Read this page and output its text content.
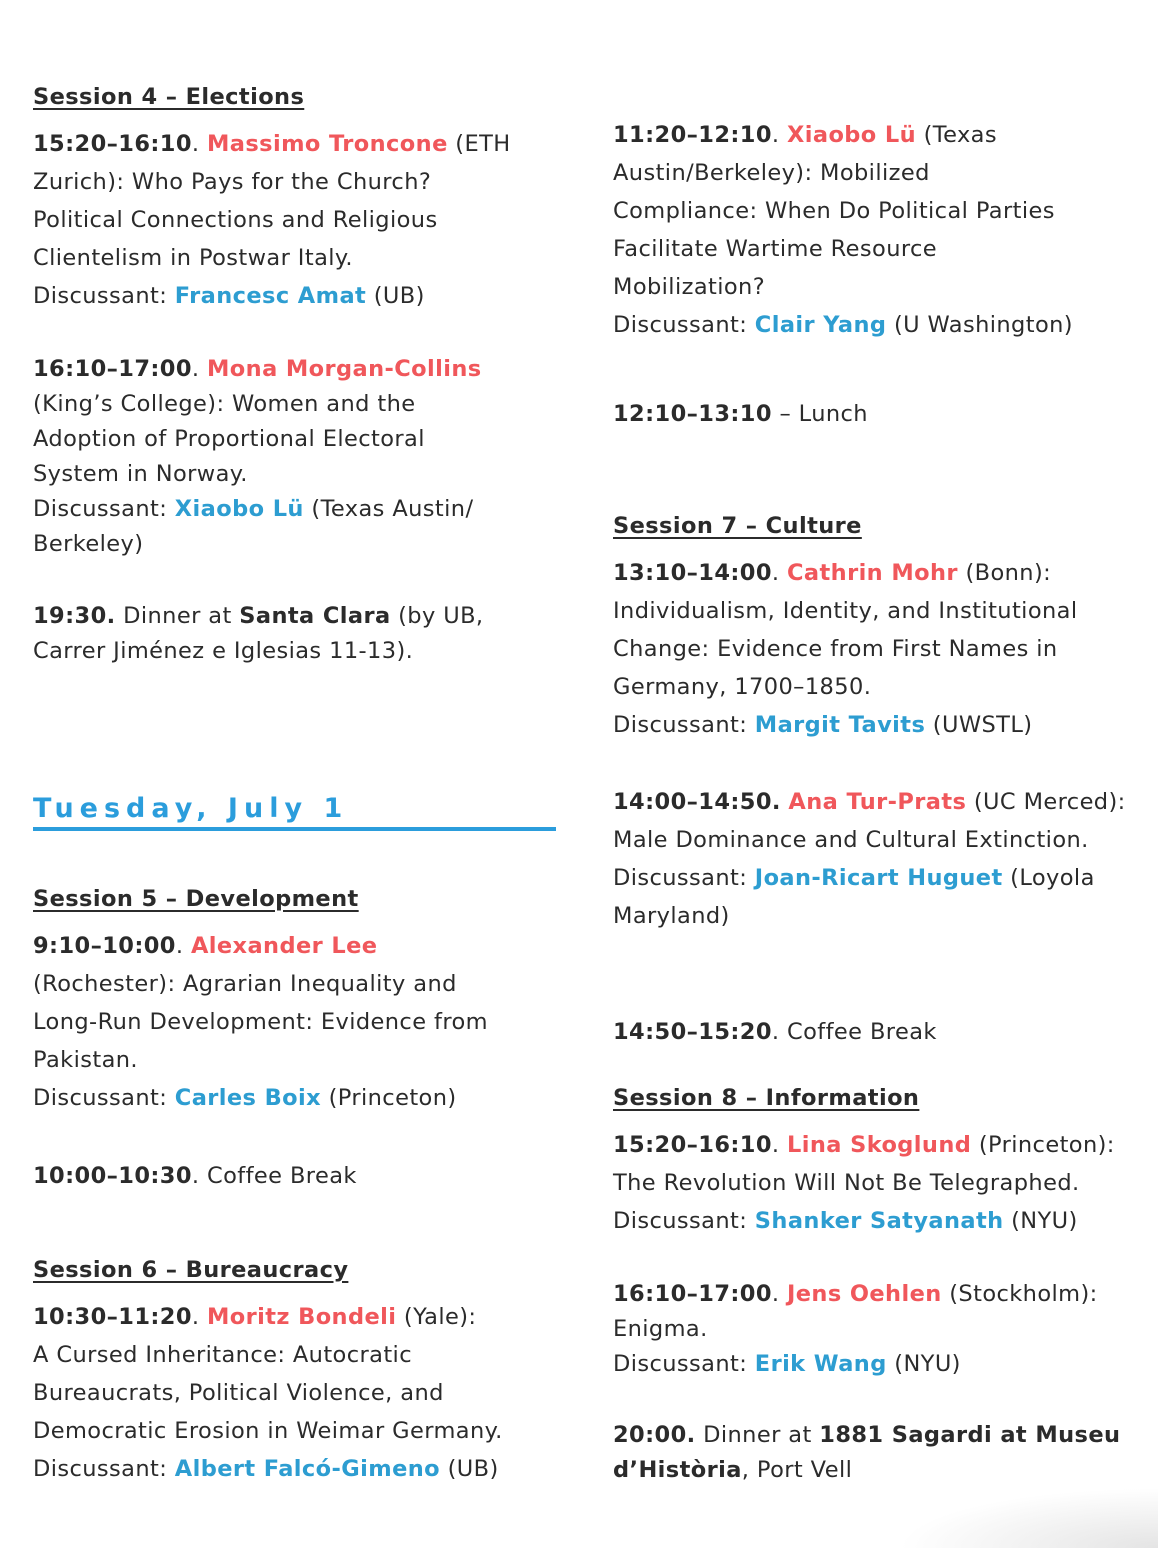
Session 4 – Elections
15:20–16:10. Massimo Troncone (ETH
Zurich): Who Pays for the Church?
Political Connections and Religious
Clientelism in Postwar Italy.
Discussant: Francesc Amat (UB)
16:10–17:00. Mona Morgan-Collins
(King’s College): Women and the
Adoption of Proportional Electoral
System in Norway.
Discussant: Xiaobo Lü (Texas Austin/
Berkeley)
19:30. Dinner at Santa Clara (by UB,
Carrer Jiménez e Iglesias 11-13).
Tuesday, July 1
Session 5 – Development
9:10–10:00. Alexander Lee
(Rochester): Agrarian Inequality and
Long-Run Development: Evidence from
Pakistan.
Discussant: Carles Boix (Princeton)
10:00–10:30. Coffee Break
Session 6 – Bureaucracy
10:30–11:20. Moritz Bondeli (Yale):
A Cursed Inheritance: Autocratic
Bureaucrats, Political Violence, and
Democratic Erosion in Weimar Germany.
Discussant: Albert Falcó-Gimeno (UB)
11:20–12:10. Xiaobo Lü (Texas
Austin/Berkeley): Mobilized
Compliance: When Do Political Parties
Facilitate Wartime Resource
Mobilization?
Discussant: Clair Yang (U Washington)
12:10–13:10 – Lunch
Session 7 – Culture
13:10–14:00. Cathrin Mohr (Bonn):
Individualism, Identity, and Institutional
Change: Evidence from First Names in
Germany, 1700–1850.
Discussant: Margit Tavits (UWSTL)
14:00–14:50. Ana Tur-Prats (UC Merced):
Male Dominance and Cultural Extinction.
Discussant: Joan-Ricart Huguet (Loyola
Maryland)
14:50–15:20. Coffee Break
Session 8 – Information
15:20–16:10. Lina Skoglund (Princeton):
The Revolution Will Not Be Telegraphed.
Discussant: Shanker Satyanath (NYU)
16:10–17:00. Jens Oehlen (Stockholm):
Enigma.
Discussant: Erik Wang (NYU)
20:00. Dinner at 1881 Sagardi at Museu
d’Història, Port Vell
